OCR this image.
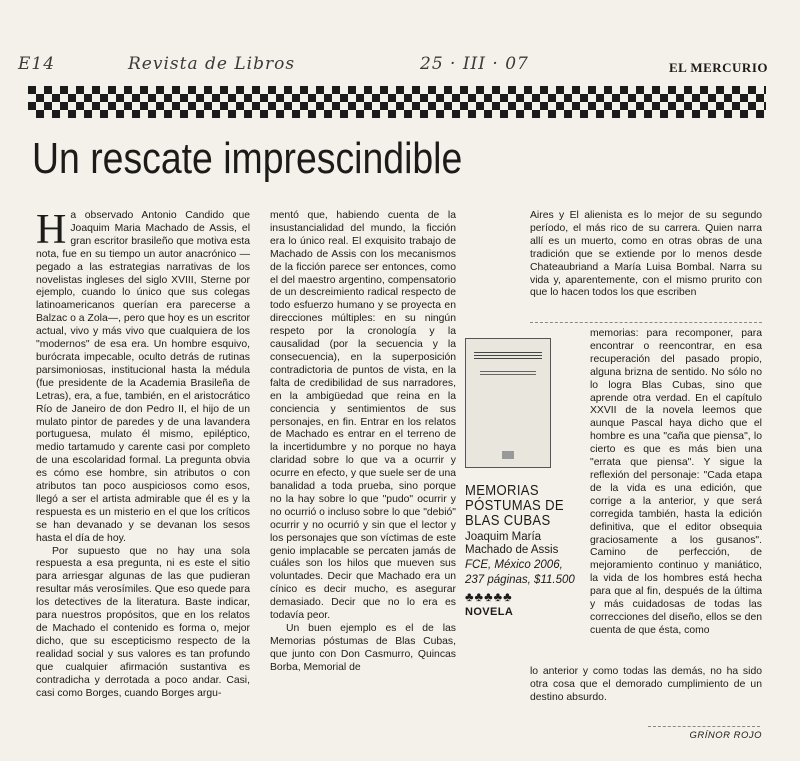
E14	Revista de Libros	25 · III · 07	EL MERCURIO
Un rescate imprescindible
H a observado Antonio Candido que Joaquim Maria Machado de Assis, el gran escritor brasileño que motiva esta nota, fue en su tiempo un autor anacrónico —pegado a las estrategias narrativas de los novelistas ingleses del siglo XVIII, Sterne por ejemplo, cuando lo único que sus colegas latinoamericanos querían era parecerse a Balzac o a Zola—, pero que hoy es un escritor actual, vivo y más vivo que cualquiera de los "modernos" de esa era. Un hombre esquivo, burócrata impecable, oculto detrás de rutinas parsimoniosas, institucional hasta la médula (fue presidente de la Academia Brasileña de Letras), era, a fue, también, en el aristocrático Río de Janeiro de don Pedro II, el hijo de un mulato pintor de paredes y de una lavandera portuguesa, mulato él mismo, epiléptico, medio tartamudo y carente casi por completo de una escolaridad formal. La pregunta obvia es cómo ese hombre, sin atributos o con atributos tan poco auspiciosos como esos, llegó a ser el artista admirable que él es y la respuesta es un misterio en el que los críticos se han devanado y se devanan los sesos hasta el día de hoy.

Por supuesto que no hay una sola respuesta a esa pregunta, ni es este el sitio para arriesgar algunas de las que pudieran resultar más verosímiles. Que eso quede para los detectives de la literatura. Baste indicar, para nuestros propósitos, que en los relatos de Machado el contenido es forma o, mejor dicho, que su escepticismo respecto de la realidad social y sus valores es tan profundo que cualquier afirmación sustantiva es contradicha y derrotada a poco andar. Casi, casi como Borges, cuando Borges argu-

mentó que, habiendo cuenta de la insustancialidad del mundo, la ficción era lo único real. El exquisito trabajo de Machado de Assis con los mecanismos de la ficción parece ser entonces, como el del maestro argentino, compensatorio de un descreimiento radical respecto de todo esfuerzo humano y se proyecta en direcciones múltiples: en su ningún respeto por la cronología y la causalidad (por la secuencia y la consecuencia), en la superposición contradictoria de puntos de vista, en la falta de credibilidad de sus narradores, en la ambigüedad que reina en la conciencia y sentimientos de sus personajes, en fin. Entrar en los relatos de Machado es entrar en el terreno de la incertidumbre y no porque no haya claridad sobre lo que va a ocurrir y ocurre en efecto, y que suele ser de una banalidad a toda prueba, sino porque no la hay sobre lo que "pudo" ocurrir y no ocurrió o incluso sobre lo que "debió" ocurrir y no ocurrió y sin que el lector y los personajes que son víctimas de este genio implacable se percaten jamás de cuáles son los hilos que mueven sus voluntades. Decir que Machado era un cínico es decir mucho, es asegurar demasiado. Decir que no lo era es todavía peor.

Un buen ejemplo es el de las Memorias póstumas de Blas Cubas, que junto con Don Casmurro, Quincas Borba, Memorial de

Aires y El alienista es lo mejor de su segundo período, el más rico de su carrera. Quien narra allí es un muerto, como en otras obras de una tradición que se extiende por lo menos desde Chateaubriand a María Luisa Bombal. Narra su vida y, aparentemente, con el mismo prurito con que lo hacen todos los que escriben

MEMORIAS PÓSTUMAS DE BLAS CUBAS

Joaquim María Machado de Assis
FCE, México 2006,
237 páginas, $11.500
♣♣♣♣♣
NOVELA

memorias: para recomponer, para encontrar o reencontrar, en esa recuperación del pasado propio, alguna brizna de sentido. No sólo no lo logra Blas Cubas, sino que aprende otra verdad. En el capítulo XXVII de la novela leemos que aunque Pascal haya dicho que el hombre es una "caña que piensa", lo cierto es que es más bien una "errata que piensa". Y sigue la reflexión del personaje: "Cada etapa de la vida es una edición, que corrige a la anterior, y que será corregida también, hasta la edición definitiva, que el editor obsequia graciosamente a los gusanos". Camino de perfección, de mejoramiento continuo y maniático, la vida de los hombres está hecha para que al fin, después de la última y más cuidadosas de todas las correcciones del diseño, ellos se den cuenta de que ésta, como

lo anterior y como todas las demás, no ha sido otra cosa que el demorado cumplimiento de un destino absurdo.

GRÍNOR ROJO
